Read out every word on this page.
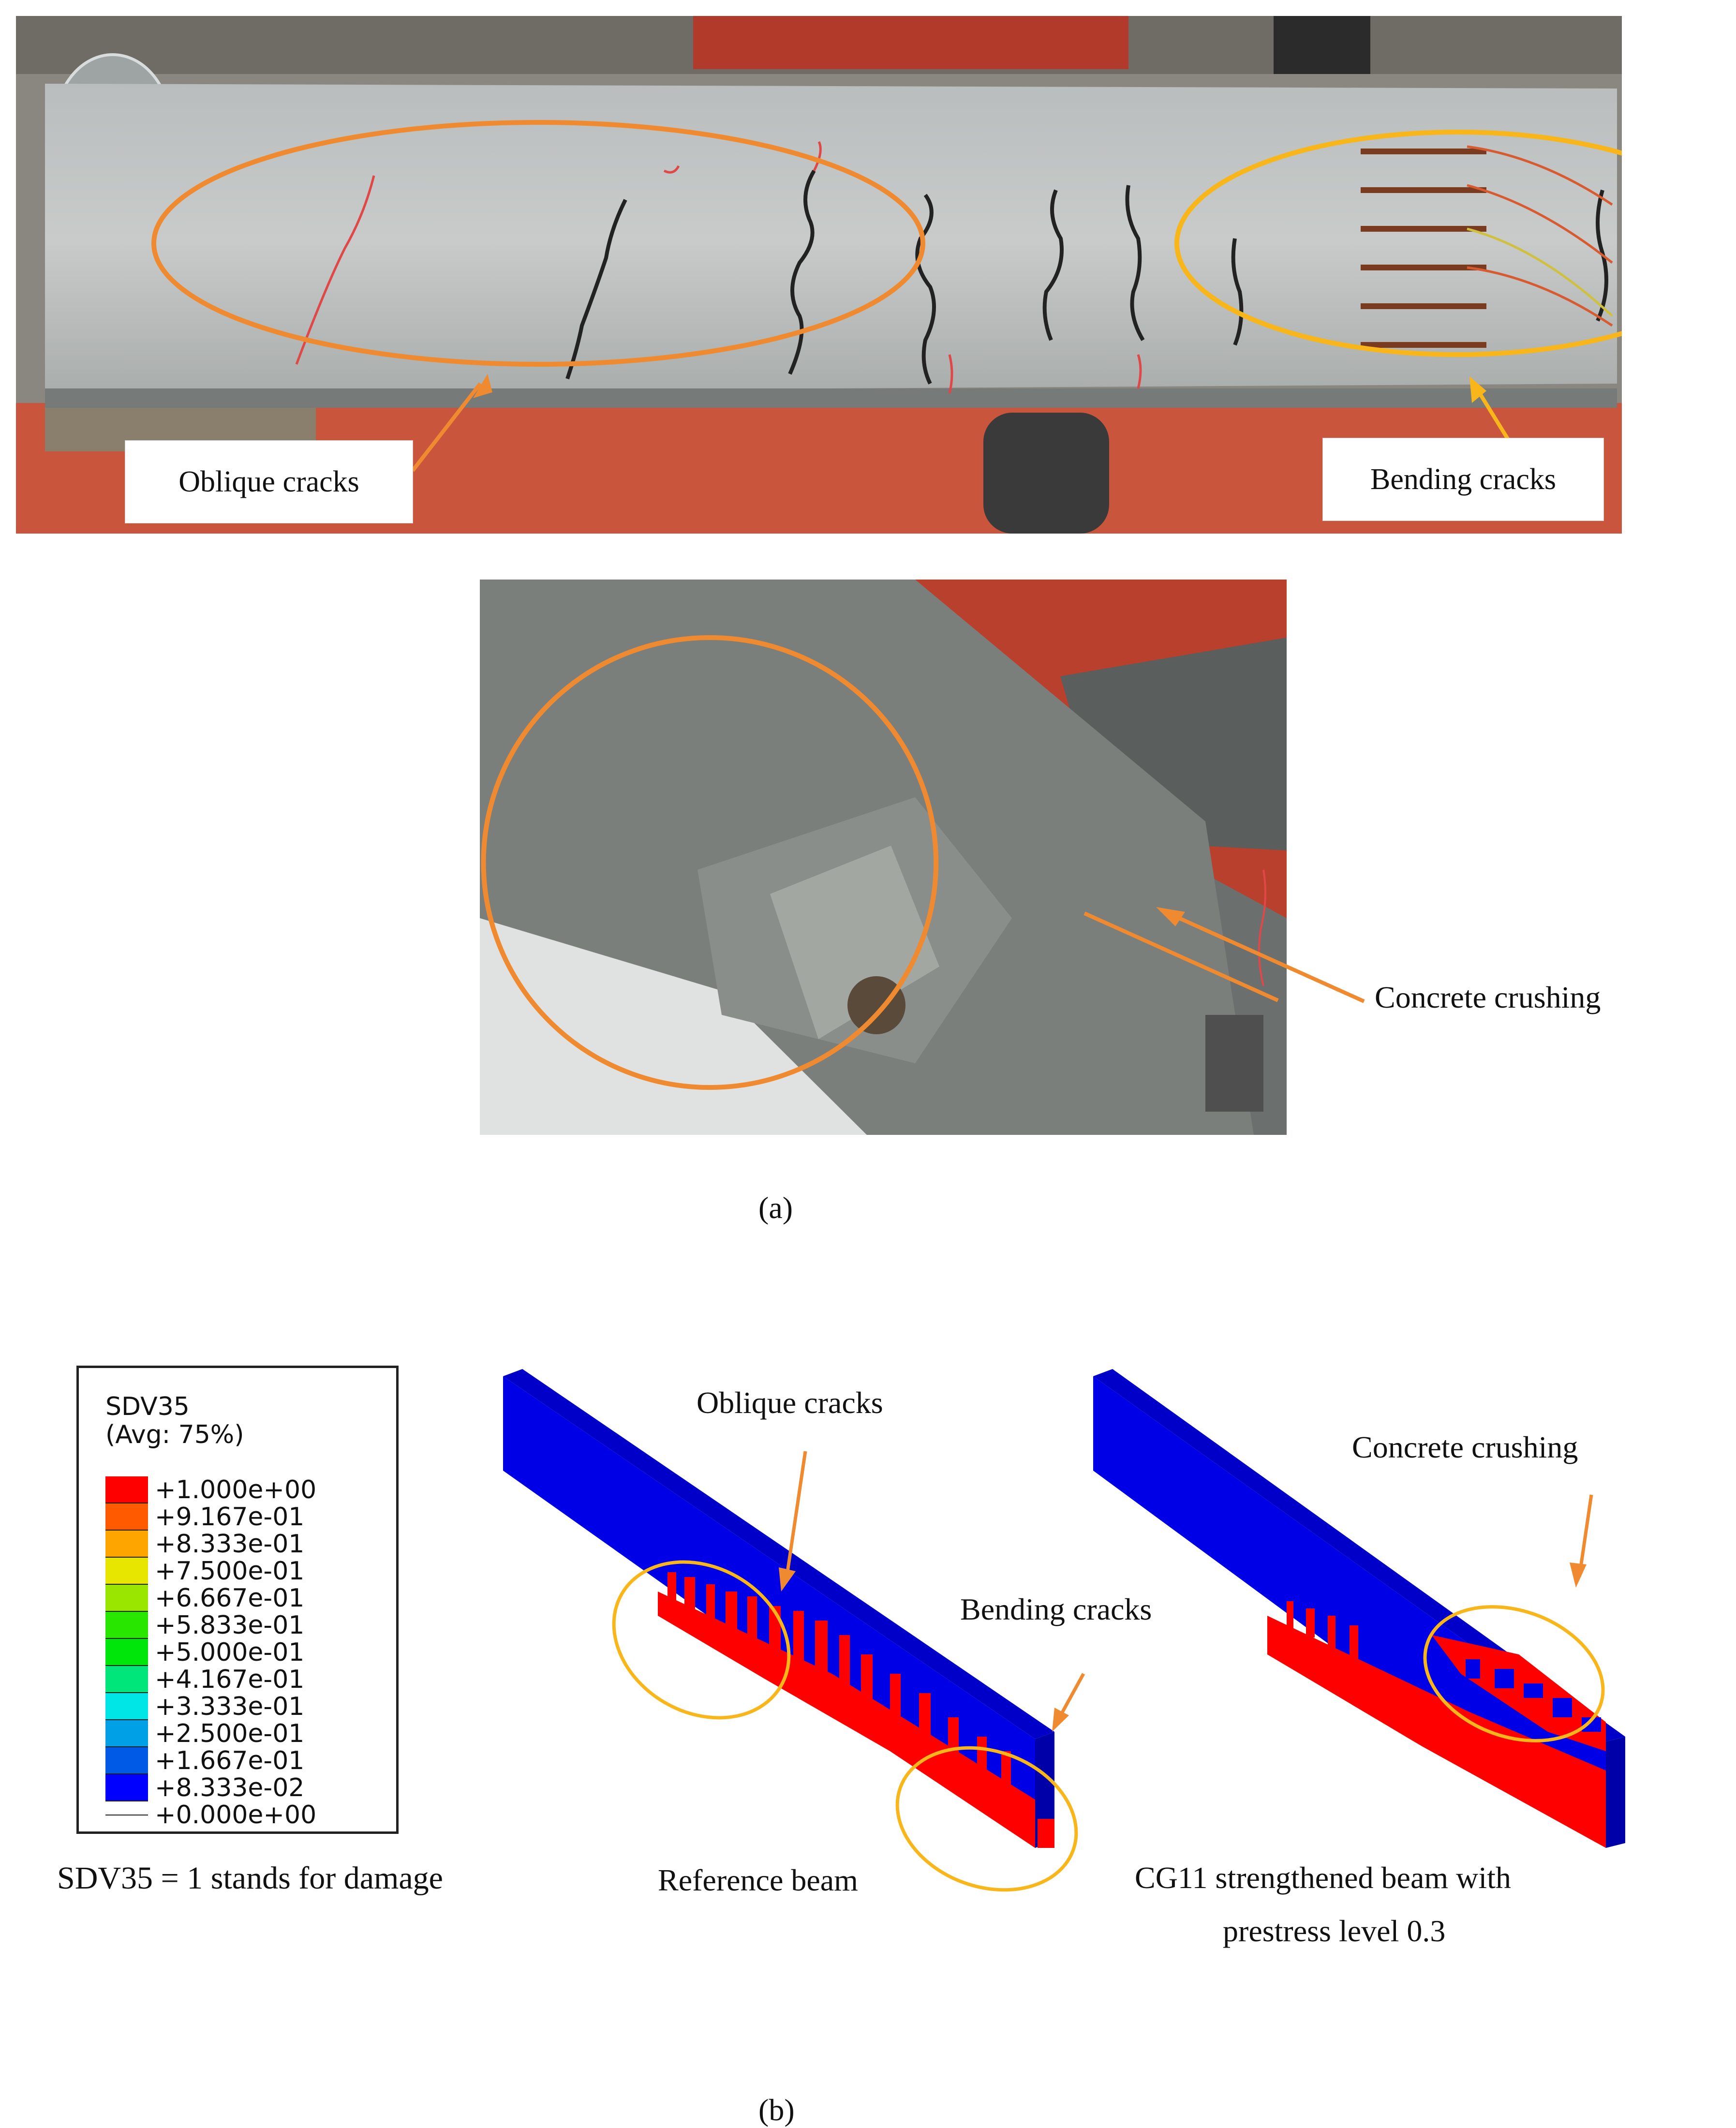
Oblique cracks	Bending cracks
Concrete crushing
(a)
SDV35
(Avg: 75%)
+1.000e+00
+9.167e-01
+8.333e-01
+7.500e-01
+6.667e-01
+5.833e-01
+5.000e-01
+4.167e-01
+3.333e-01
+2.500e-01
+1.667e-01
+8.333e-02
+0.000e+00
SDV35 = 1 stands for damage
Oblique cracks
Bending cracks
Reference beam
Concrete crushing
CG11 strengthened beam with
prestress level 0.3
(b)
